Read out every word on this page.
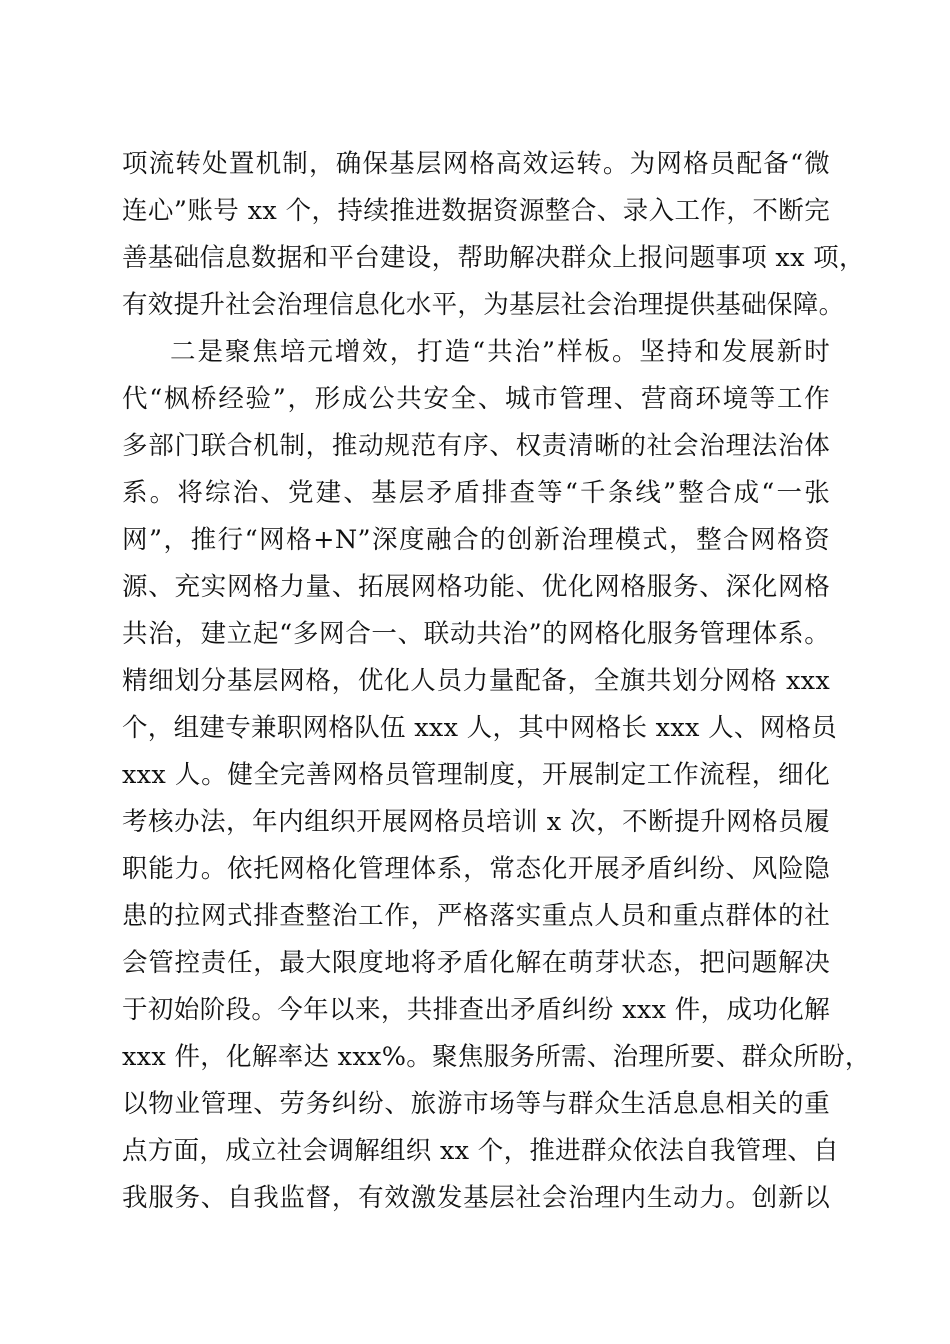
项流转处置机制，确保基层网格高效运转。为网格员配备“微
连心”账号 xx 个，持续推进数据资源整合、录入工作，不断完
善基础信息数据和平台建设，帮助解决群众上报问题事项 xx 项，
有效提升社会治理信息化水平，为基层社会治理提供基础保障。
二是聚焦培元增效，打造“共治”样板。坚持和发展新时
代“枫桥经验”，形成公共安全、城市管理、营商环境等工作
多部门联合机制，推动规范有序、权责清晰的社会治理法治体
系。将综治、党建、基层矛盾排查等“千条线”整合成“一张
网”，推行“网格+N”深度融合的创新治理模式，整合网格资
源、充实网格力量、拓展网格功能、优化网格服务、深化网格
共治，建立起“多网合一、联动共治”的网格化服务管理体系。
精细划分基层网格，优化人员力量配备，全旗共划分网格 xxx
个，组建专兼职网格队伍 xxx 人，其中网格长 xxx 人、网格员
xxx 人。健全完善网格员管理制度，开展制定工作流程，细化
考核办法，年内组织开展网格员培训 x 次，不断提升网格员履
职能力。依托网格化管理体系，常态化开展矛盾纠纷、风险隐
患的拉网式排查整治工作，严格落实重点人员和重点群体的社
会管控责任，最大限度地将矛盾化解在萌芽状态，把问题解决
于初始阶段。今年以来，共排查出矛盾纠纷 xxx 件，成功化解
xxx 件，化解率达 xxx%。聚焦服务所需、治理所要、群众所盼，
以物业管理、劳务纠纷、旅游市场等与群众生活息息相关的重
点方面，成立社会调解组织 xx 个，推进群众依法自我管理、自
我服务、自我监督，有效激发基层社会治理内生动力。创新以
